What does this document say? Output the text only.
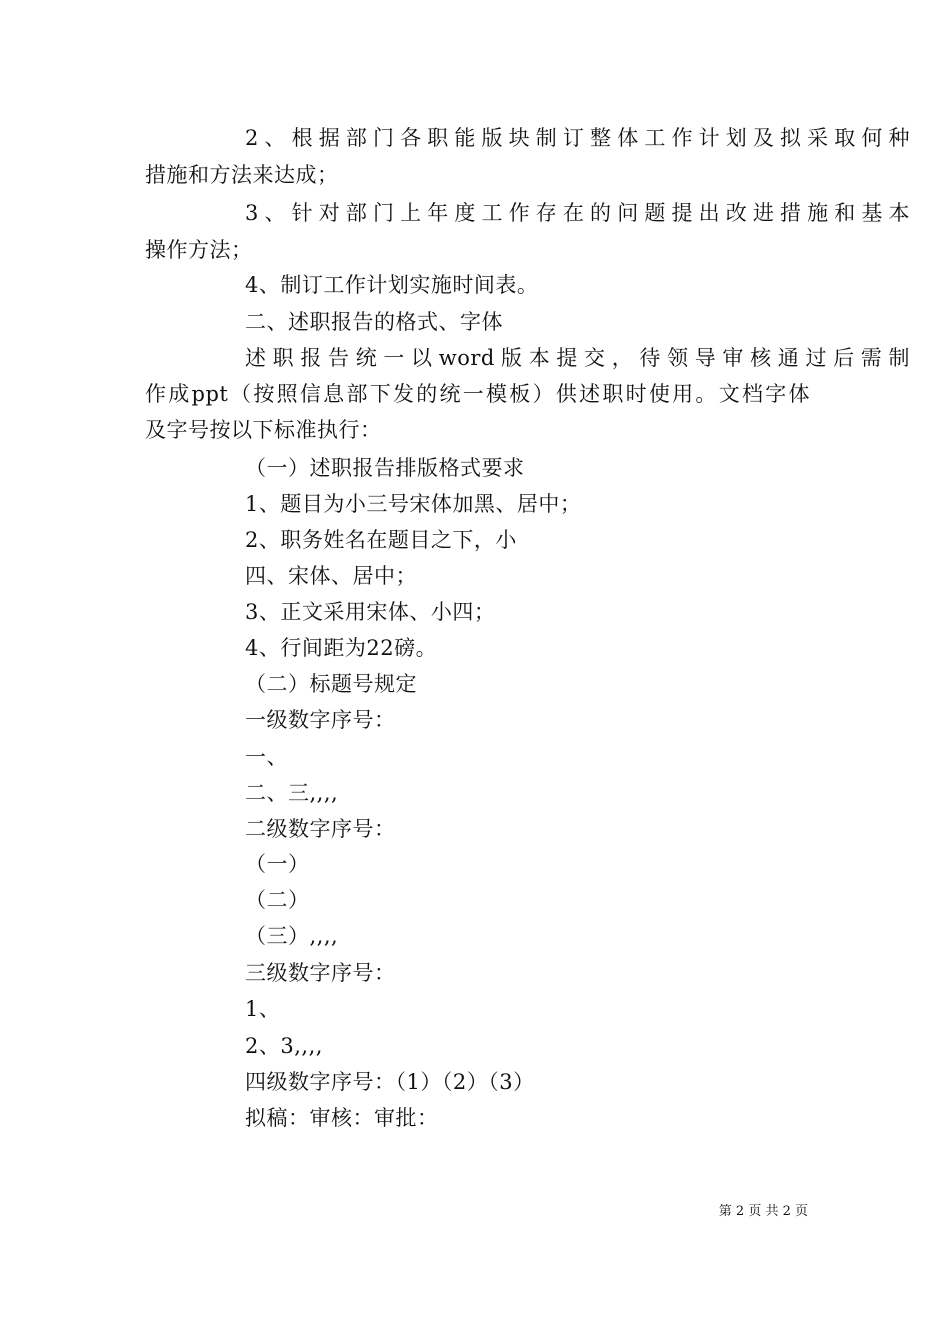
2、根据部门各职能版块制订整体工作计划及拟采取何种
措施和方法来达成；
3、针对部门上年度工作存在的问题提出改进措施和基本
操作方法；
4、制订工作计划实施时间表。
二、述职报告的格式、字体
述职报告统一以word版本提交，待领导审核通过后需制
作成ppt（按照信息部下发的统一模板）供述职时使用。文档字体
及字号按以下标准执行：
（一）述职报告排版格式要求
1、题目为小三号宋体加黑、居中；
2、职务姓名在题目之下，小
四、宋体、居中；
3、正文采用宋体、小四；
4、行间距为22磅。
（二）标题号规定
一级数字序号：
一、
二、三,,,,
二级数字序号：
（一）
（二）
（三）,,,,
三级数字序号：
1、
2、3,,,,
四级数字序号：（1）（2）（3）
拟稿：审核：审批：
第 2 页 共 2 页
